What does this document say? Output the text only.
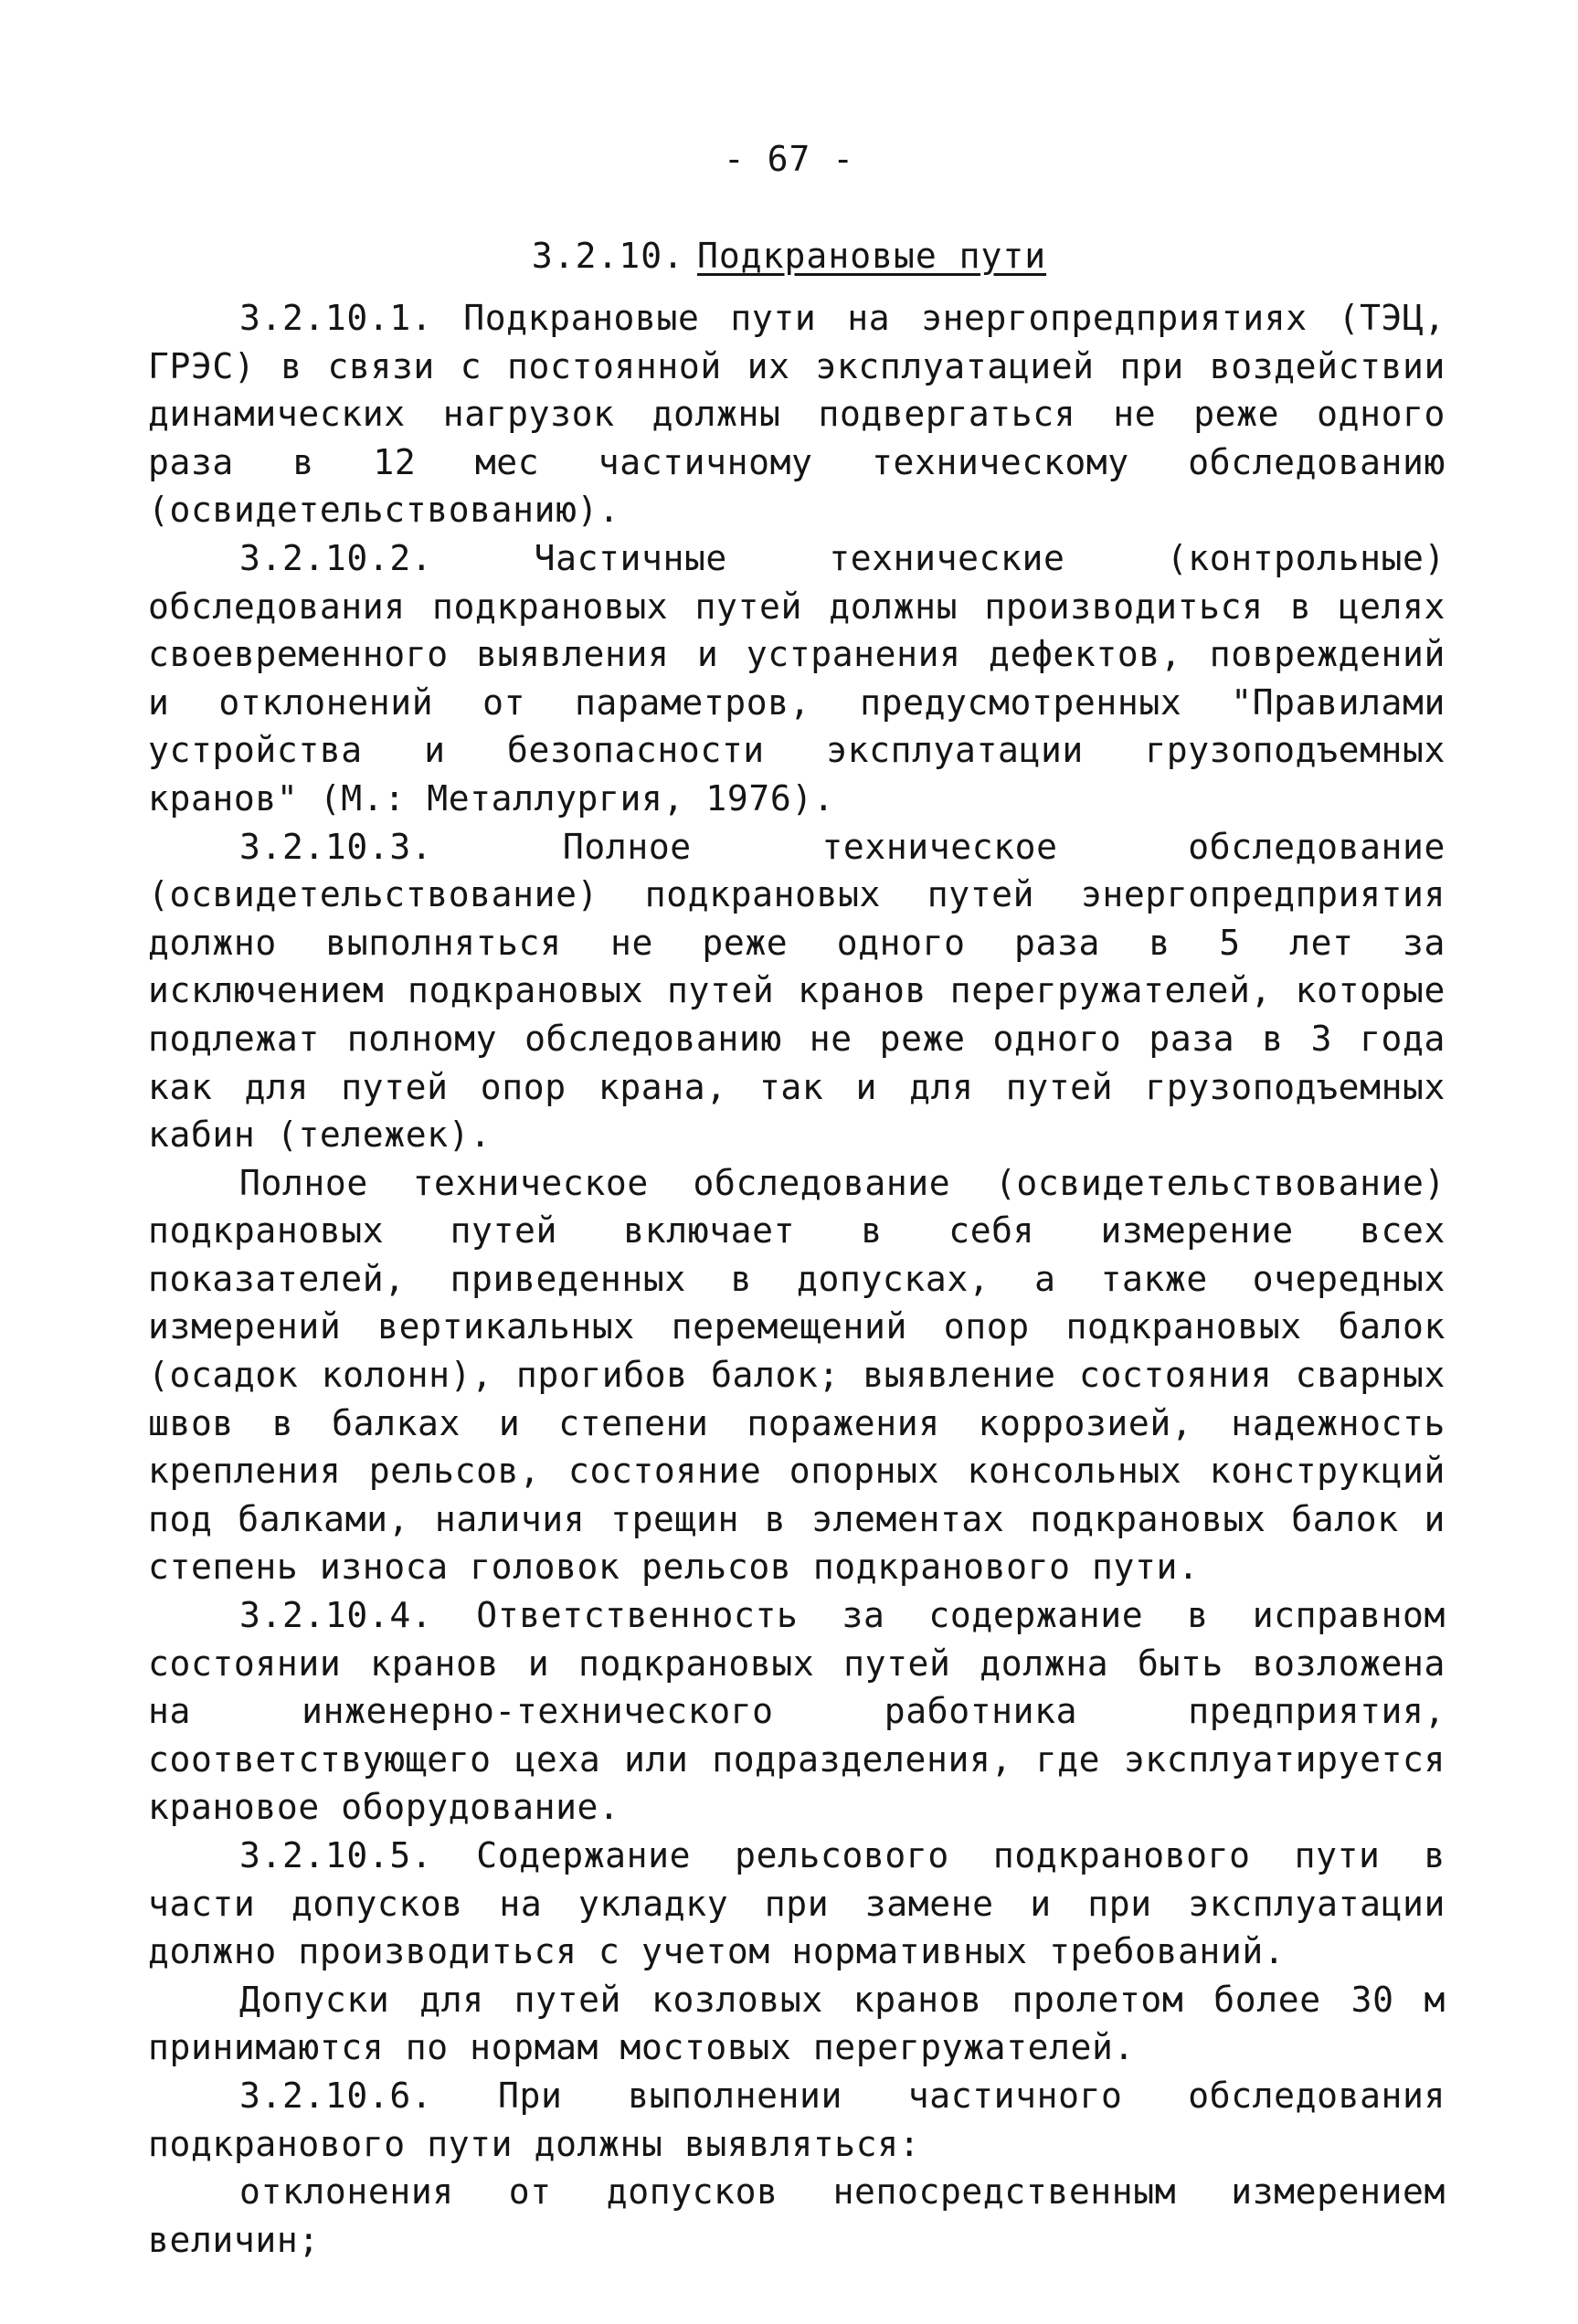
- 67 -
3.2.10. Подкрановые пути

3.2.10.1. Подкрановые пути на энергопредприятиях (ТЭЦ, ГРЭС) в связи с постоянной их эксплуатацией при воздействии динамических нагрузок должны подвергаться не реже одного раза в 12 мес частичному техническому обследованию (освидетельствованию).

3.2.10.2. Частичные технические (контрольные) обследования подкрановых путей должны производиться в целях своевременного выявления и устранения дефектов, повреждений и отклонений от параметров, предусмотренных "Правилами устройства и безопасности эксплуатации грузоподъемных кранов" (М.: Металлургия, 1976).

3.2.10.3. Полное техническое обследование (освидетельствование) подкрановых путей энергопредприятия должно выполняться не реже одного раза в 5 лет за исключением подкрановых путей кранов перегружателей, которые подлежат полному обследованию не реже одного раза в 3 года как для путей опор крана, так и для путей грузоподъемных кабин (тележек).

Полное техническое обследование (освидетельствование) подкрановых путей включает в себя измерение всех показателей, приведенных в допусках, а также очередных измерений вертикальных перемещений опор подкрановых балок (осадок колонн), прогибов балок; выявление состояния сварных швов в балках и степени поражения коррозией, надежность крепления рельсов, состояние опорных консольных конструкций под балками, наличия трещин в элементах подкрановых балок и степень износа головок рельсов подкранового пути.

3.2.10.4. Ответственность за содержание в исправном состоянии кранов и подкрановых путей должна быть возложена на инженерно-технического работника предприятия, соответствующего цеха или подразделения, где эксплуатируется крановое оборудование.

3.2.10.5. Содержание рельсового подкранового пути в части допусков на укладку при замене и при эксплуатации должно производиться с учетом нормативных требований.

Допуски для путей козловых кранов пролетом более 30 м принимаются по нормам мостовых перегружателей.

3.2.10.6. При выполнении частичного обследования подкранового пути должны выявляться:

отклонения от допусков непосредственным измерением величин;
